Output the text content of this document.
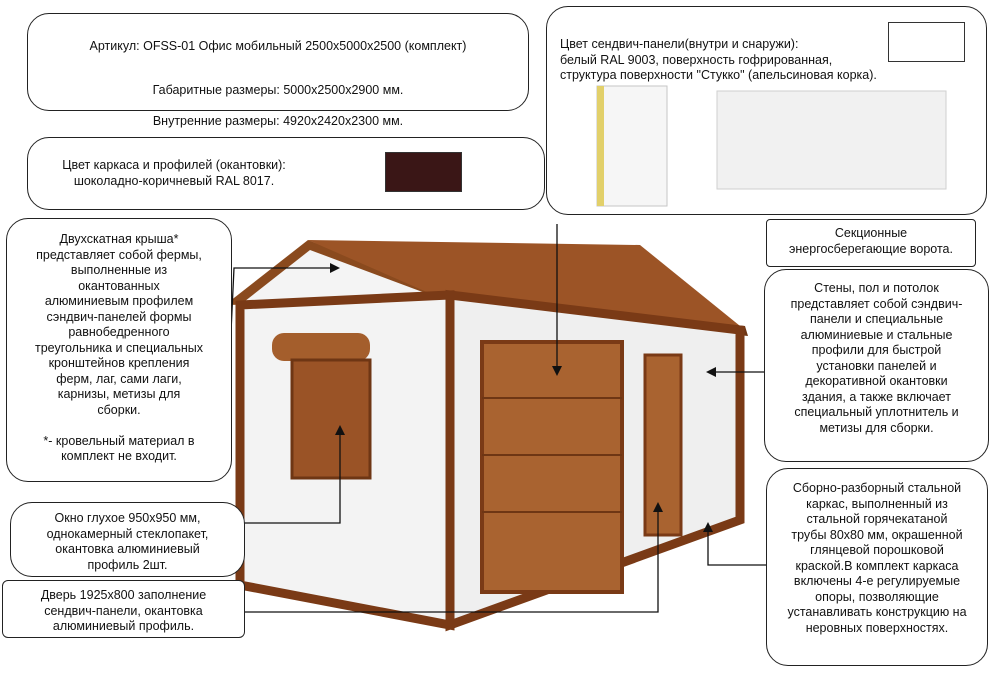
Артикул: OFSS-01 Офис мобильный 2500х5000х2500 (комплект)

Габаритные размеры: 5000х2500х2900 мм.

Внутренние размеры: 4920х2420х2300 мм.

Цвет сендвич-панели(внутри и снаружи):
белый RAL 9003, поверхность гофрированная,
структура поверхности "Стукко" (апельсиновая корка).
Цвет каркаса и профилей (окантовки):
шоколадно-коричневый RAL 8017.
Двухскатная крыша*
представляет собой фермы,
выполненные из
окантованных
алюминиевым профилем
сэндвич-панелей формы
равнобедренного
треугольника и специальных
кронштейнов крепления
ферм, лаг, сами лаги,
карнизы, метизы для
сборки.

*- кровельный материал в
комплект не входит.
Секционные
энергосберегающие ворота.
Стены, пол и потолок
представляет собой сэндвич-
панели и специальные
алюминиевые и стальные
профили для быстрой
установки панелей и
декоративной окантовки
здания, а также включает
специальный уплотнитель и
метизы для сборки.
Сборно-разборный стальной
каркас, выполненный из
стальной горячекатаной
трубы 80х80 мм, окрашенной
глянцевой порошковой
краской.В комплект каркаса
включены 4-е регулируемые
опоры, позволяющие
устанавливать конструкцию на
неровных поверхностях.
Окно глухое 950х950 мм,
однокамерный стеклопакет,
окантовка алюминиевый
профиль 2шт.
Дверь 1925х800 заполнение
сендвич-панели, окантовка
алюминиевый профиль.
